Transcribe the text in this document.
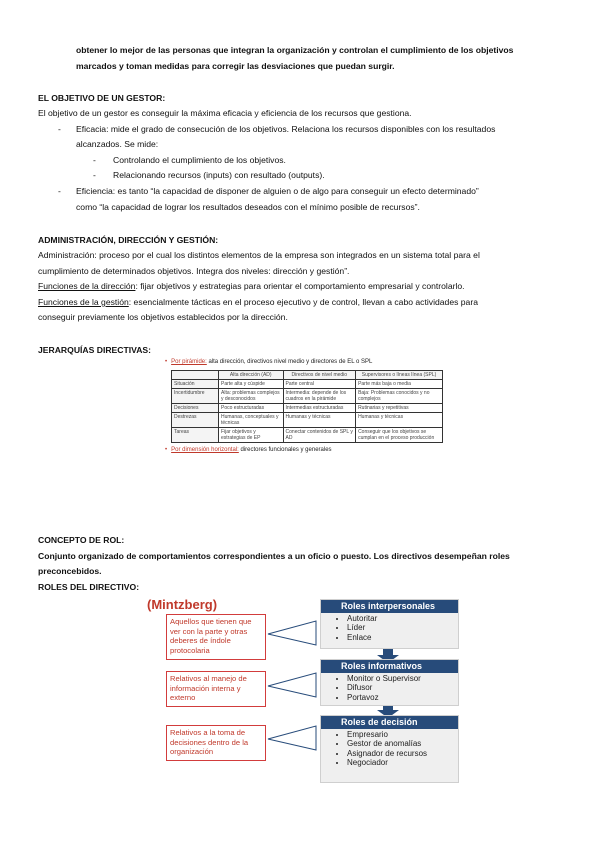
obtener lo mejor de las personas que integran la organización y controlan el cumplimiento de los objetivos
marcados y toman medidas para corregir las desviaciones que puedan surgir.
EL OBJETIVO DE UN GESTOR:
El objetivo de un gestor es conseguir la máxima eficacia y eficiencia de los recursos que gestiona.
- Eficacia: mide el grado de consecución de los objetivos. Relaciona los recursos disponibles con los resultados
alcanzados. Se mide:
- Controlando el cumplimiento de los objetivos.
- Relacionando recursos (inputs) con resultado (outputs).
- Eficiencia: es tanto “la capacidad de disponer de alguien o de algo para conseguir un efecto determinado”
como “la capacidad de lograr los resultados deseados con el mínimo posible de recursos”.
ADMINISTRACIÓN, DIRECCIÓN Y GESTIÓN:
Administración: proceso por el cual los distintos elementos de la empresa son integrados en un sistema total para el
cumplimiento de determinados objetivos. Integra dos niveles: dirección y gestión”.
Funciones de la dirección: fijar objetivos y estrategias para orientar el comportamiento empresarial y controlarlo.
Funciones de la gestión: esencialmente tácticas en el proceso ejecutivo y de control, llevan a cabo actividades para
conseguir previamente los objetivos establecidos por la dirección.
JERARQUÍAS DIRECTIVAS:
• Por pirámide: alta dirección, directivos nivel medio y directores de EL o SPL
	Alta dirección (AD)	Directivos de nivel medio	Supervisores o líneas línea (SPL)
Situación	Parte alta y cúspide	Parte central	Parte más baja o media
Incertidumbre	Alta: problemas complejos y desconocidos	Intermedia: depende de los cuadros en la pirámide	Baja: Problemas conocidos y no complejos
Decisiones	Poco estructuradas	Intermedias estructuradas	Rutinarias y repetitivas
Destrezas	Humanas, conceptuales y técnicas	Humanas y técnicas	Humanas y técnicas
Tareas	Fijar objetivos y estrategias de EP	Conectar contenidos de SPL y AD	Conseguir que los objetivos se cumplan en el proceso producción
• Por dimensión horizontal: directores funcionales y generales
CONCEPTO DE ROL:
Conjunto organizado de comportamientos correspondientes a un oficio o puesto. Los directivos desempeñan roles
preconcebidos.
ROLES DEL DIRECTIVO:
(Mintzberg)
Aquellos que tienen que ver con la parte y otras deberes de índole protocolaria
Relativos al manejo de información interna y externo
Relativos a la toma de decisiones dentro de la organización
Roles interpersonales
• Autoritar
• Líder
• Enlace
Roles informativos
• Monitor o Supervisor
• Difusor
• Portavoz
Roles de decisión
• Empresario
• Gestor de anomalías
• Asignador de recursos
• Negociador
